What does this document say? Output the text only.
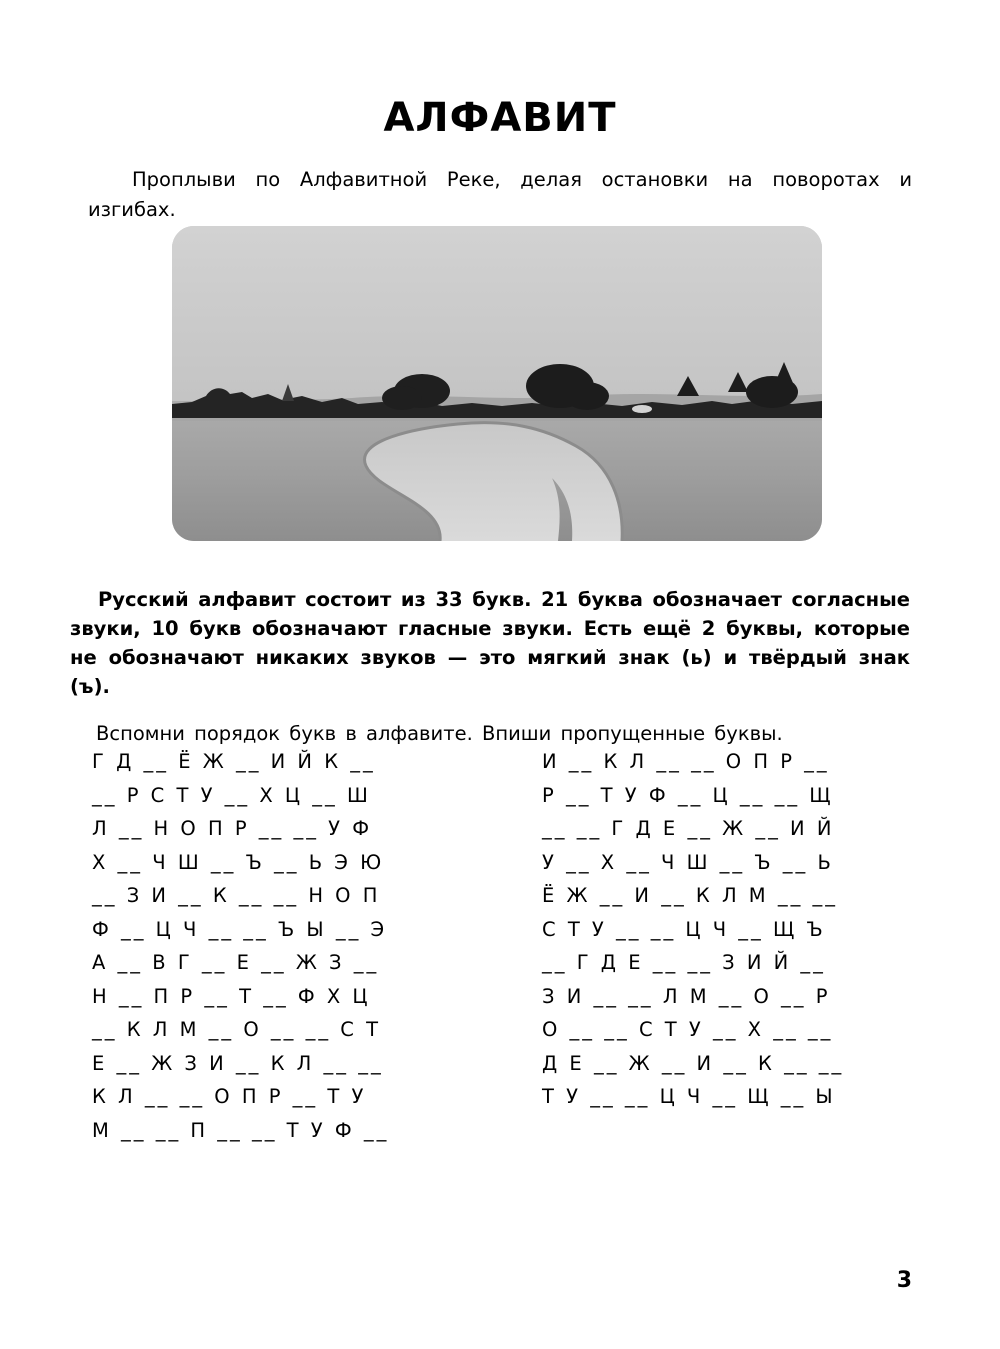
АЛФАВИТ

Проплыви по Алфавитной Реке, делая остановки на поворотах и изгибах.

Русский алфавит состоит из 33 букв. 21 буква обозначает согласные звуки, 10 букв обозначают гласные звуки. Есть ещё 2 буквы, которые не обозначают никаких звуков — это мягкий знак (ь) и твёрдый знак (ъ).

Вспомни порядок букв в алфавите. Впиши пропущенные буквы.

Г Д __ Ё Ж __ И Й К __
__ Р С Т У __ Х Ц __ Ш
Л __ Н О П Р __ __ У Ф
Х __ Ч Ш __ Ъ __ Ь Э Ю
__ З И __ К __ __ Н О П
Ф __ Ц Ч __ __ Ъ Ы __ Э
А __ В Г __ Е __ Ж З __
Н __ П Р __ Т __ Ф Х Ц
__ К Л М __ О __ __ С Т
Е __ Ж З И __ К Л __ __
К Л __ __ О П Р __ Т У
М __ __ П __ __ Т У Ф __
И __ К Л __ __ О П Р __
Р __ Т У Ф __ Ц __ __ Щ
__ __ Г Д Е __ Ж __ И Й
У __ Х __ Ч Ш __ Ъ __ Ь
Ё Ж __ И __ К Л М __ __
С Т У __ __ Ц Ч __ Щ Ъ
__ Г Д Е __ __ З И Й __
З И __ __ Л М __ О __ Р
О __ __ С Т У __ Х __ __
Д Е __ Ж __ И __ К __ __
Т У __ __ Ц Ч __ Щ __ Ы
3
